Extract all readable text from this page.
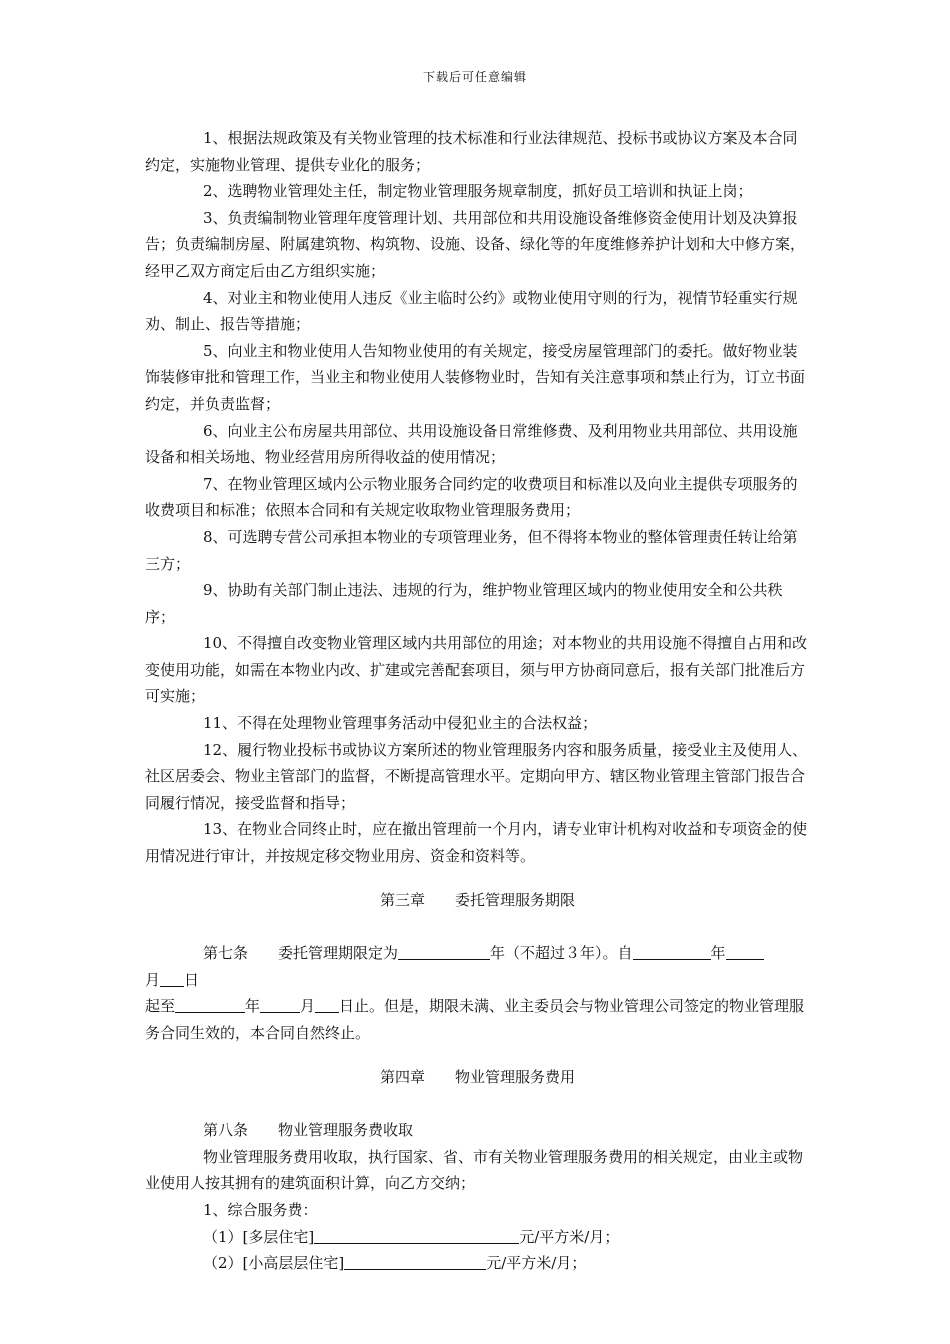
下载后可任意编辑

1、根据法规政策及有关物业管理的技术标准和行业法律规范、投标书或协议方案及本合同约定，实施物业管理、提供专业化的服务；

2、选聘物业管理处主任，制定物业管理服务规章制度，抓好员工培训和执证上岗；

3、负责编制物业管理年度管理计划、共用部位和共用设施设备维修资金使用计划及决算报告；负责编制房屋、附属建筑物、构筑物、设施、设备、绿化等的年度维修养护计划和大中修方案，经甲乙双方商定后由乙方组织实施；

4、对业主和物业使用人违反《业主临时公约》或物业使用守则的行为，视情节轻重实行规劝、制止、报告等措施；

5、向业主和物业使用人告知物业使用的有关规定，接受房屋管理部门的委托。做好物业装饰装修审批和管理工作，当业主和物业使用人装修物业时，告知有关注意事项和禁止行为，订立书面约定，并负责监督；

6、向业主公布房屋共用部位、共用设施设备日常维修费、及利用物业共用部位、共用设施设备和相关场地、物业经营用房所得收益的使用情况；

7、在物业管理区域内公示物业服务合同约定的收费项目和标准以及向业主提供专项服务的收费项目和标准；依照本合同和有关规定收取物业管理服务费用；

8、可选聘专营公司承担本物业的专项管理业务，但不得将本物业的整体管理责任转让给第三方；

9、协助有关部门制止违法、违规的行为，维护物业管理区域内的物业使用安全和公共秩序；

10、不得擅自改变物业管理区域内共用部位的用途；对本物业的共用设施不得擅自占用和改变使用功能，如需在本物业内改、扩建或完善配套项目，须与甲方协商同意后，报有关部门批准后方可实施；

11、不得在处理物业管理事务活动中侵犯业主的合法权益；

12、履行物业投标书或协议方案所述的物业管理服务内容和服务质量，接受业主及使用人、社区居委会、物业主管部门的监督，不断提高管理水平。定期向甲方、辖区物业管理主管部门报告合同履行情况，接受监督和指导；

13、在物业合同终止时，应在撤出管理前一个月内，请专业审计机构对收益和专项资金的使用情况进行审计，并按规定移交物业用房、资金和资料等。

第三章　　委托管理服务期限

第七条　　委托管理期限定为	年（不超过３年）。自	年

月 日

起至	年	月 日止。但是，期限未满、业主委员会与物业管理公司签定的物业管理服务合同生效的，本合同自然终止。

第四章　　物业管理服务费用

第八条　　物业管理服务费收取

物业管理服务费用收取，执行国家、省、市有关物业管理服务费用的相关规定，由业主或物业使用人按其拥有的建筑面积计算，向乙方交纳；

1、综合服务费：

（1）[多层住宅]	元/平方米/月；

（2）[小高层层住宅]	元/平方米/月；
